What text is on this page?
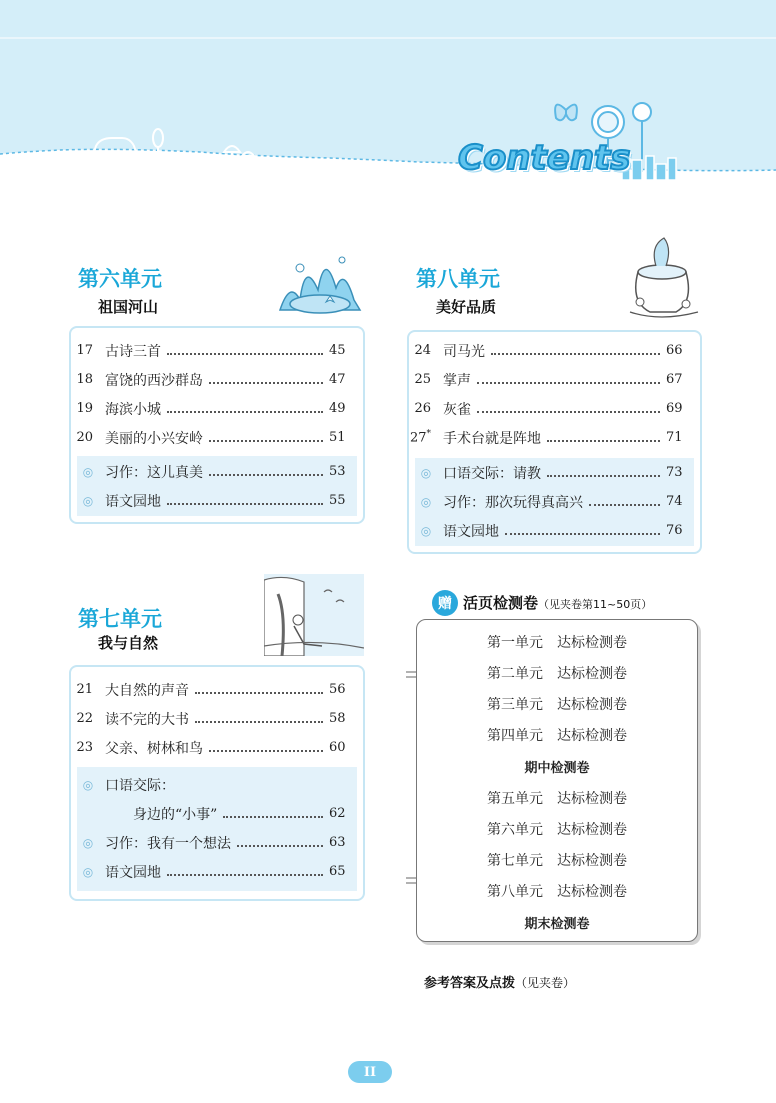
Contents
第六单元
祖国河山
17 古诗三首	45
18 富饶的西沙群岛	47
19 海滨小城	49
20 美丽的小兴安岭	51
◎ 习作：这儿真美	53
◎ 语文园地	55
第八单元
美好品质
24 司马光	66
25 掌声	67
26 灰雀	69
27* 手术台就是阵地	71
◎ 口语交际：请教	73
◎ 习作：那次玩得真高兴	74
◎ 语文园地	76
第七单元
我与自然
21 大自然的声音	56
22 读不完的大书	58
23 父亲、树林和鸟	60
◎ 口语交际：
身边的“小事”	62
◎ 习作：我有一个想法	63
◎ 语文园地	65
赠 活页检测卷（见夹卷第11~50页）
第一单元　达标检测卷
第二单元　达标检测卷
第三单元　达标检测卷
第四单元　达标检测卷
期中检测卷
第五单元　达标检测卷
第六单元　达标检测卷
第七单元　达标检测卷
第八单元　达标检测卷
期末检测卷
参考答案及点拨（见夹卷）
II
